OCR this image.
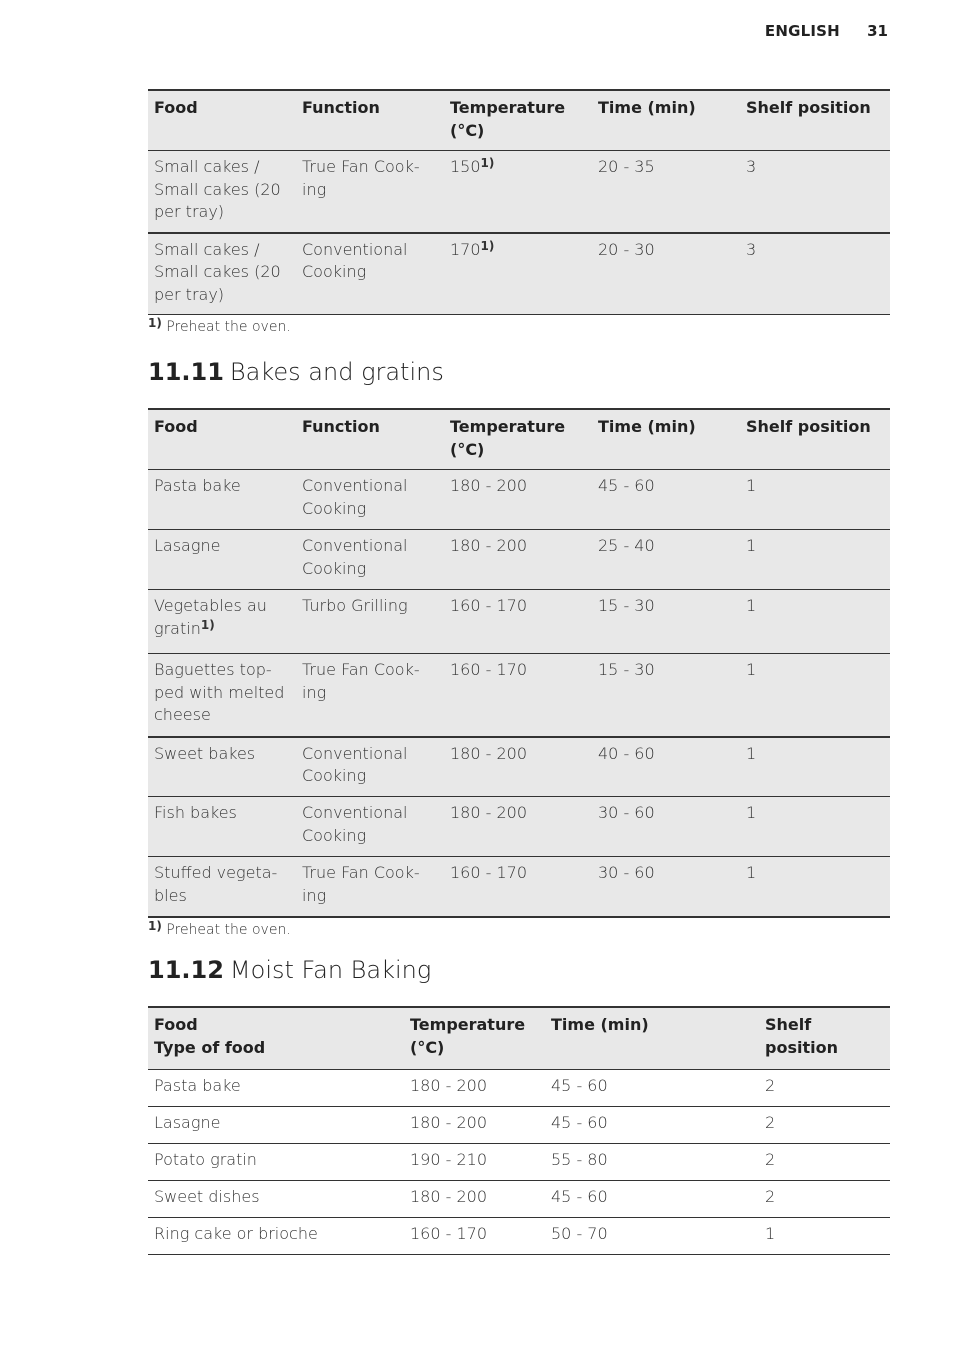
ENGLISH 31
Food	Function	Temperature (°C)	Time (min)	Shelf position
Small cakes / Small cakes (20 per tray)	True Fan Cook-ing	150$^{1)}$	20 - 35	3
Small cakes / Small cakes (20 per tray)	Conventional Cooking	170$^{1)}$	20 - 30	3
$^{1)}$ Preheat the oven.
11.11 Bakes and gratins
Food	Function	Temperature (°C)	Time (min)	Shelf position
Pasta bake	Conventional Cooking	180 - 200	45 - 60	1
Lasagne	Conventional Cooking	180 - 200	25 - 40	1
Vegetables au gratin$^{1)}$	Turbo Grilling	160 - 170	15 - 30	1
Baguettes top-ped with melted cheese	True Fan Cook-ing	160 - 170	15 - 30	1
Sweet bakes	Conventional Cooking	180 - 200	40 - 60	1
Fish bakes	Conventional Cooking	180 - 200	30 - 60	1
Stuffed vegeta-bles	True Fan Cook-ing	160 - 170	30 - 60	1
$^{1)}$ Preheat the oven.
11.12 Moist Fan Baking
Food
Type of food	Temperature (°C)	Time (min)	Shelf position
Pasta bake	180 - 200	45 - 60	2
Lasagne	180 - 200	45 - 60	2
Potato gratin	190 - 210	55 - 80	2
Sweet dishes	180 - 200	45 - 60	2
Ring cake or brioche	160 - 170	50 - 70	1
